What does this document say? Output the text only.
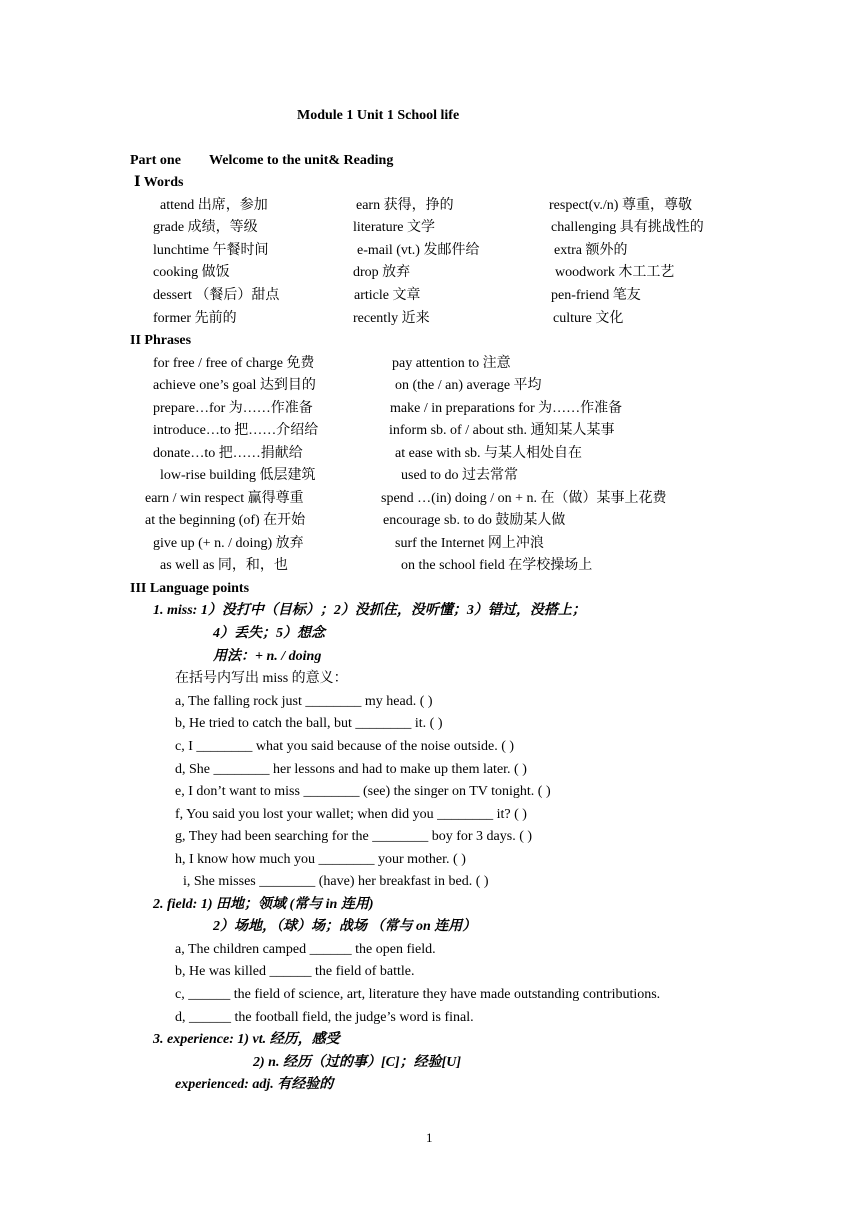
Module 1 Unit 1 School life
Part one Welcome to the unit& Reading
Ⅰ Words
attend 出席，参加
grade 成绩，等级
lunchtime 午餐时间
cooking 做饭
dessert （餐后）甜点
former 先前的
earn 获得，挣的
literature 文学
e-mail (vt.) 发邮件给
drop 放弃
article 文章
recently 近来
respect(v./n) 尊重，尊敬
challenging 具有挑战性的
extra 额外的
woodwork 木工工艺
pen-friend 笔友
culture 文化
II Phrases
for free / free of charge 免费
achieve one’s goal 达到目的
prepare…for 为……作准备
introduce…to 把……介绍给
donate…to 把……捐献给
low-rise building 低层建筑
earn / win respect 赢得尊重
at the beginning (of) 在开始
give up (+ n. / doing) 放弃
as well as 同，和，也
pay attention to 注意
on (the / an) average 平均
make / in preparations for 为……作准备
inform sb. of / about sth. 通知某人某事
at ease with sb. 与某人相处自在
used to do 过去常常
spend …(in) doing / on + n. 在（做）某事上花费
encourage sb. to do 鼓励某人做
surf the Internet 网上冲浪
on the school field 在学校操场上
III Language points
1. miss: 1）没打中（目标）；2）没抓住，没听懂；3）错过，没搭上；
4）丢失；5）想念
用法：+ n. / doing
在括号内写出 miss 的意义：
a, The falling rock just ________ my head. ( )
b, He tried to catch the ball, but ________ it. ( )
c, I ________ what you said because of the noise outside. ( )
d, She ________ her lessons and had to make up them later. ( )
e, I don’t want to miss ________ (see) the singer on TV tonight. ( )
f, You said you lost your wallet; when did you ________ it? ( )
g, They had been searching for the ________ boy for 3 days. ( )
h, I know how much you ________ your mother. ( )
i, She misses ________ (have) her breakfast in bed. ( )
2. field: 1) 田地；领域 (常与 in 连用)
2）场地，（球）场；战场 （常与 on 连用）
a, The children camped ______ the open field.
b, He was killed ______ the field of battle.
c, ______ the field of science, art, literature they have made outstanding contributions.
d, ______ the football field, the judge’s word is final.
3. experience: 1) vt. 经历，感受
2) n. 经历（过的事）[C]；经验[U]
experienced: adj. 有经验的
1
